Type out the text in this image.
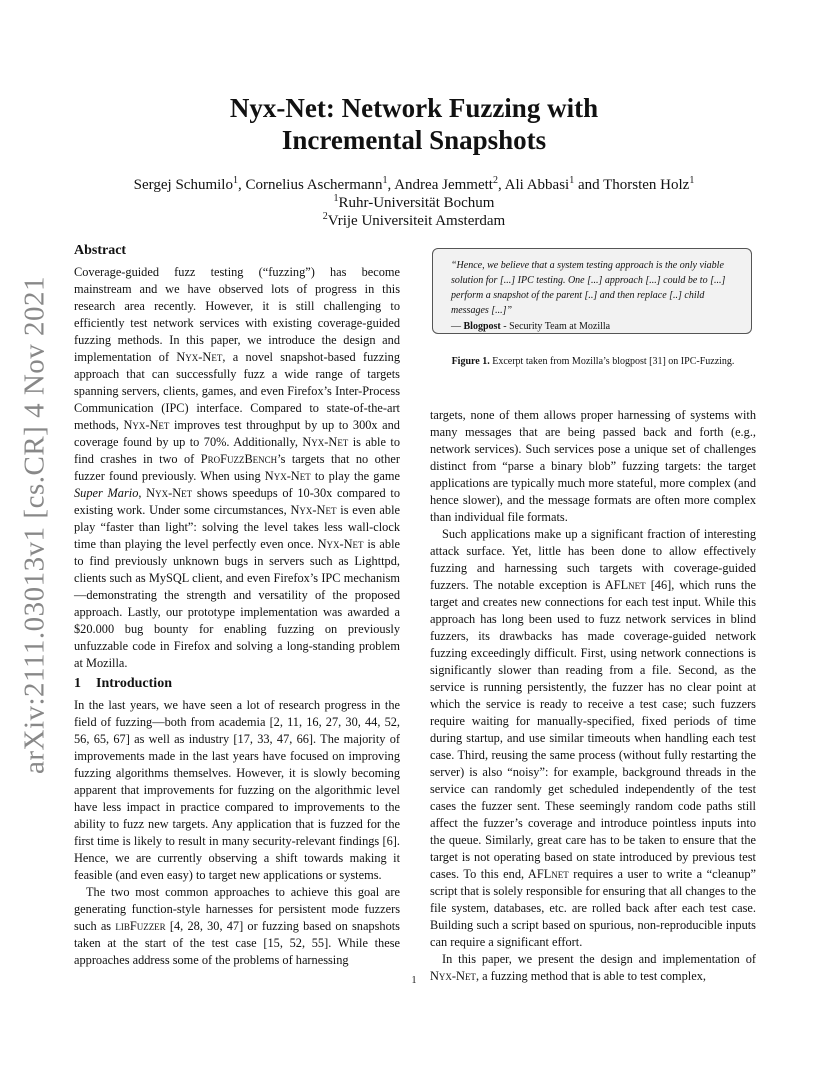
Nyx-Net: Network Fuzzing with
Incremental Snapshots
Sergej Schumilo$^1$, Cornelius Aschermann$^1$, Andrea Jemmett$^2$, Ali Abbasi$^1$ and Thorsten Holz$^1$
$^1$Ruhr-Universität Bochum
$^2$Vrije Universiteit Amsterdam
arXiv:2111.03013v1 [cs.CR] 4 Nov 2021
Abstract

Coverage-guided fuzz testing (“fuzzing”) has become mainstream and we have observed lots of progress in this research area recently. However, it is still challenging to efficiently test network services with existing coverage-guided fuzzing methods. In this paper, we introduce the design and implementation of Nyx-Net, a novel snapshot-based fuzzing approach that can successfully fuzz a wide range of targets spanning servers, clients, games, and even Firefox’s Inter-Process Communication (IPC) interface. Compared to state-of-the-art methods, Nyx-Net improves test throughput by up to 300x and coverage found by up to 70%. Additionally, Nyx-Net is able to find crashes in two of ProFuzzBench’s targets that no other fuzzer found previously. When using Nyx-Net to play the game Super Mario, Nyx-Net shows speedups of 10-30x compared to existing work. Under some circumstances, Nyx-Net is even able play “faster than light”: solving the level takes less wall-clock time than playing the level perfectly even once. Nyx-Net is able to find previously unknown bugs in servers such as Lighttpd, clients such as MySQL client, and even Firefox’s IPC mechanism—demonstrating the strength and versatility of the proposed approach. Lastly, our prototype implementation was awarded a $20.000 bug bounty for enabling fuzzing on previously unfuzzable code in Firefox and solving a long-standing problem at Mozilla.

1 Introduction

In the last years, we have seen a lot of research progress in the field of fuzzing—both from academia [2, 11, 16, 27, 30, 44, 52, 56, 65, 67] as well as industry [17, 33, 47, 66]. The majority of improvements made in the last years have focused on improving fuzzing algorithms themselves. However, it is slowly becoming apparent that improvements for fuzzing on the algorithmic level have less impact in practice compared to improvements to the ability to fuzz new targets. Any application that is fuzzed for the first time is likely to result in many security-relevant findings [6]. Hence, we are currently observing a shift towards making it feasible (and even easy) to target new applications or systems.

The two most common approaches to achieve this goal are generating function-style harnesses for persistent mode fuzzers such as libFuzzer [4, 28, 30, 47] or fuzzing based on snapshots taken at the start of the test case [15, 52, 55]. While these approaches address some of the problems of harnessing

“Hence, we believe that a system testing approach is the only viable solution for [...] IPC testing. One [...] approach [...] could be to [...] perform a snapshot of the parent [..] and then replace [..] child messages [...]”
— Blogpost - Security Team at Mozilla
Figure 1. Excerpt taken from Mozilla’s blogpost [31] on IPC-Fuzzing.

targets, none of them allows proper harnessing of systems with many messages that are being passed back and forth (e.g., network services). Such services pose a unique set of challenges distinct from “parse a binary blob” fuzzing targets: the target applications are typically much more stateful, more complex (and hence slower), and the message formats are often more complex than individual file formats.

Such applications make up a significant fraction of interesting attack surface. Yet, little has been done to allow effectively fuzzing and harnessing such targets with coverage-guided fuzzers. The notable exception is AFLnet [46], which runs the target and creates new connections for each test input. While this approach has long been used to fuzz network services in blind fuzzers, its drawbacks has made coverage-guided network fuzzing exceedingly difficult. First, using network connections is significantly slower than reading from a file. Second, as the service is running persistently, the fuzzer has no clear point at which the service is ready to receive a test case; such fuzzers require waiting for manually-specified, fixed periods of time during startup, and use similar timeouts when handling each test case. Third, reusing the same process (without fully restarting the server) is also “noisy”: for example, background threads in the service can randomly get scheduled independently of the test cases the fuzzer sent. These seemingly random code paths still affect the fuzzer’s coverage and introduce pointless inputs into the queue. Similarly, great care has to be taken to ensure that the target is not operating based on state introduced by previous test cases. To this end, AFLnet requires a user to write a “cleanup” script that is solely responsible for ensuring that all changes to the file system, databases, etc. are rolled back after each test case. Building such a script based on spurious, non-reproducible inputs can require a significant effort.

In this paper, we present the design and implementation of Nyx-Net, a fuzzing method that is able to test complex,

1
